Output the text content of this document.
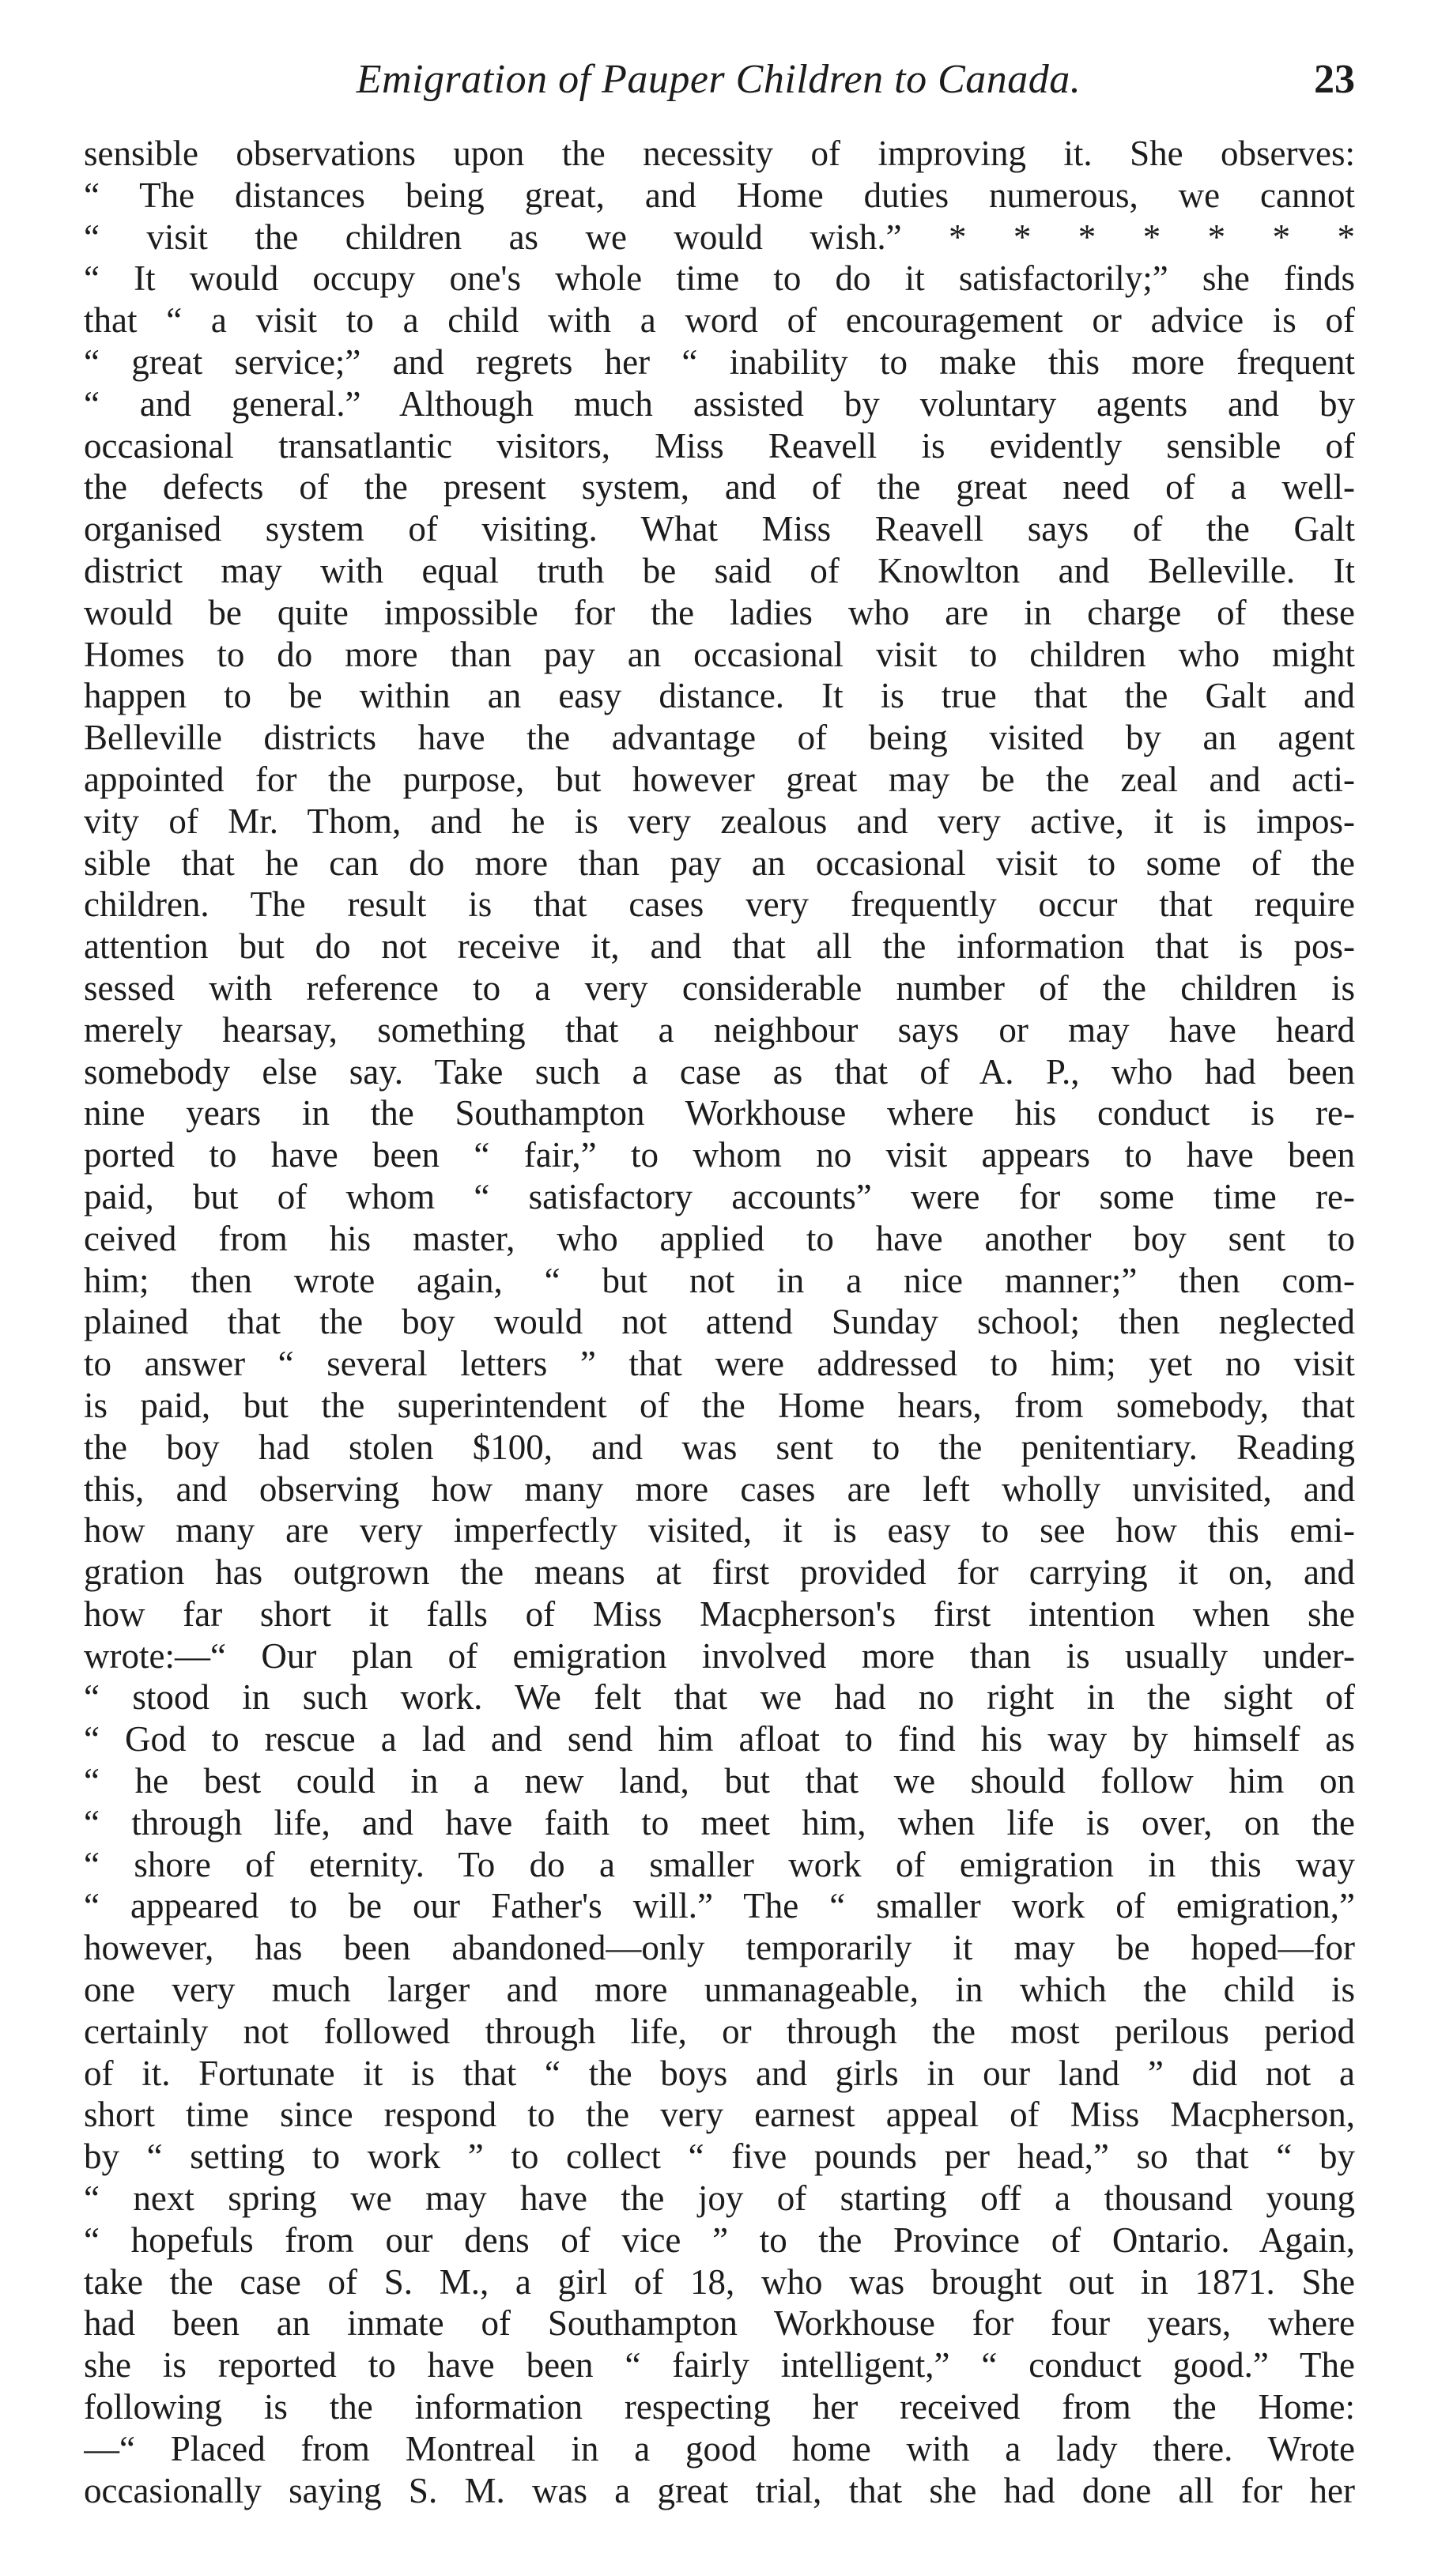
Emigration of Pauper Children to Canada.	23
sensible observations upon the necessity of improving it. She observes:
“ The distances being great, and Home duties numerous, we cannot
“ visit the children as we would wish.” * * * * * * *
“ It would occupy one's whole time to do it satisfactorily;” she finds
that “ a visit to a child with a word of encouragement or advice is of
“ great service;” and regrets her “ inability to make this more frequent
“ and general.” Although much assisted by voluntary agents and by
occasional transatlantic visitors, Miss Reavell is evidently sensible of
the defects of the present system, and of the great need of a well-
organised system of visiting. What Miss Reavell says of the Galt
district may with equal truth be said of Knowlton and Belleville. It
would be quite impossible for the ladies who are in charge of these
Homes to do more than pay an occasional visit to children who might
happen to be within an easy distance. It is true that the Galt and
Belleville districts have the advantage of being visited by an agent
appointed for the purpose, but however great may be the zeal and acti-
vity of Mr. Thom, and he is very zealous and very active, it is impos-
sible that he can do more than pay an occasional visit to some of the
children. The result is that cases very frequently occur that require
attention but do not receive it, and that all the information that is pos-
sessed with reference to a very considerable number of the children is
merely hearsay, something that a neighbour says or may have heard
somebody else say. Take such a case as that of A. P., who had been
nine years in the Southampton Workhouse where his conduct is re-
ported to have been “ fair,” to whom no visit appears to have been
paid, but of whom “ satisfactory accounts” were for some time re-
ceived from his master, who applied to have another boy sent to
him; then wrote again, “ but not in a nice manner;” then com-
plained that the boy would not attend Sunday school; then neglected
to answer “ several letters ” that were addressed to him; yet no visit
is paid, but the superintendent of the Home hears, from somebody, that
the boy had stolen $100, and was sent to the penitentiary. Reading
this, and observing how many more cases are left wholly unvisited, and
how many are very imperfectly visited, it is easy to see how this emi-
gration has outgrown the means at first provided for carrying it on, and
how far short it falls of Miss Macpherson's first intention when she
wrote:—“ Our plan of emigration involved more than is usually under-
“ stood in such work. We felt that we had no right in the sight of
“ God to rescue a lad and send him afloat to find his way by himself as
“ he best could in a new land, but that we should follow him on
“ through life, and have faith to meet him, when life is over, on the
“ shore of eternity. To do a smaller work of emigration in this way
“ appeared to be our Father's will.” The “ smaller work of emigration,”
however, has been abandoned—only temporarily it may be hoped—for
one very much larger and more unmanageable, in which the child is
certainly not followed through life, or through the most perilous period
of it. Fortunate it is that “ the boys and girls in our land ” did not a
short time since respond to the very earnest appeal of Miss Macpherson,
by “ setting to work ” to collect “ five pounds per head,” so that “ by
“ next spring we may have the joy of starting off a thousand young
“ hopefuls from our dens of vice ” to the Province of Ontario. Again,
take the case of S. M., a girl of 18, who was brought out in 1871. She
had been an inmate of Southampton Workhouse for four years, where
she is reported to have been “ fairly intelligent,” “ conduct good.” The
following is the information respecting her received from the Home:
—“ Placed from Montreal in a good home with a lady there. Wrote
occasionally saying S. M. was a great trial, that she had done all for her
